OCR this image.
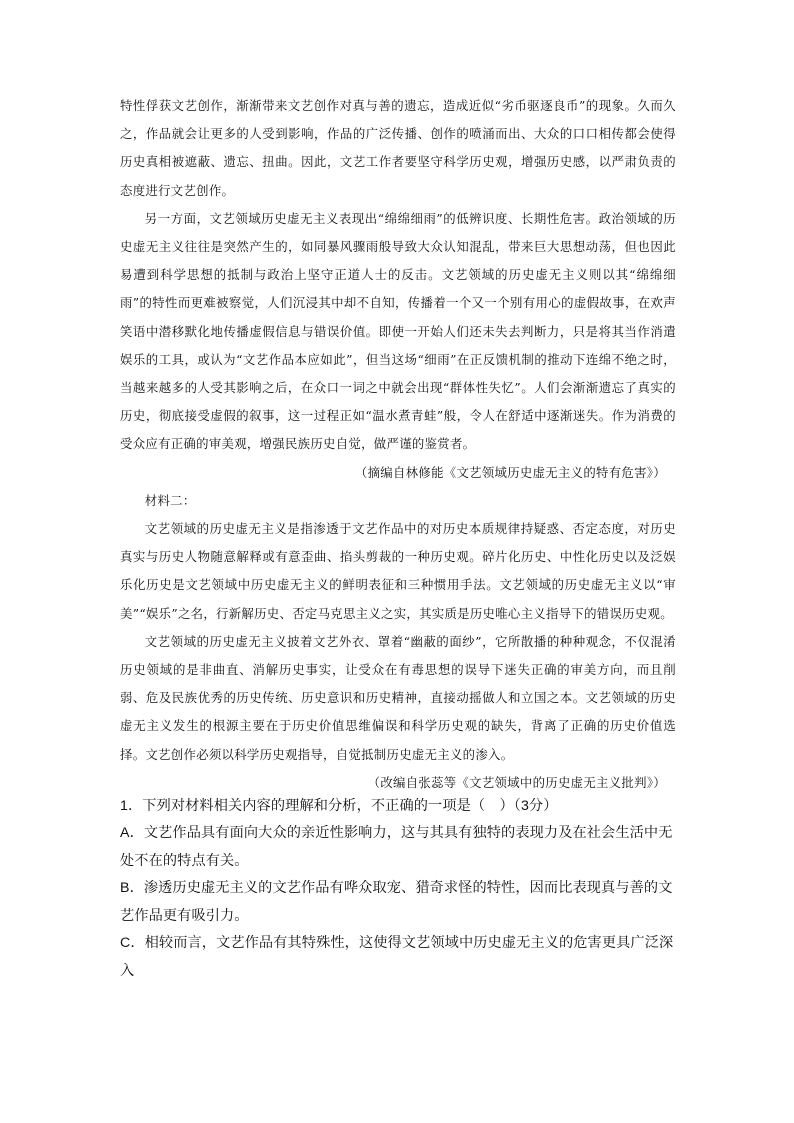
特性俘获文艺创作，渐渐带来文艺创作对真与善的遗忘，造成近似“劣币驱逐良币”的现象。久而久之，作品就会让更多的人受到影响，作品的广泛传播、创作的喷涌而出、大众的口口相传都会使得历史真相被遮蔽、遗忘、扭曲。因此，文艺工作者要坚守科学历史观，增强历史感，以严肃负责的态度进行文艺创作。

另一方面，文艺领域历史虚无主义表现出“绵绵细雨”的低辨识度、长期性危害。政治领域的历史虚无主义往往是突然产生的，如同暴风骤雨般导致大众认知混乱，带来巨大思想动荡，但也因此易遭到科学思想的抵制与政治上坚守正道人士的反击。文艺领域的历史虚无主义则以其“绵绵细雨”的特性而更难被察觉，人们沉浸其中却不自知，传播着一个又一个别有用心的虚假故事，在欢声笑语中潜移默化地传播虚假信息与错误价值。即使一开始人们还未失去判断力，只是将其当作消遣娱乐的工具，或认为“文艺作品本应如此”，但当这场“细雨”在正反馈机制的推动下连绵不绝之时，当越来越多的人受其影响之后，在众口一词之中就会出现“群体性失忆”。人们会渐渐遗忘了真实的历史，彻底接受虚假的叙事，这一过程正如“温水煮青蛙”般，令人在舒适中逐渐迷失。作为消费的受众应有正确的审美观，增强民族历史自觉，做严谨的鉴赏者。

（摘编自林修能《文艺领域历史虚无主义的特有危害》）

材料二：

文艺领域的历史虚无主义是指渗透于文艺作品中的对历史本质规律持疑惑、否定态度，对历史真实与历史人物随意解释或有意歪曲、掐头剪裁的一种历史观。碎片化历史、中性化历史以及泛娱乐化历史是文艺领域中历史虚无主义的鲜明表征和三种惯用手法。文艺领域的历史虚无主义以“审美”“娱乐”之名，行新解历史、否定马克思主义之实，其实质是历史唯心主义指导下的错误历史观。

文艺领域的历史虚无主义披着文艺外衣、罩着“幽蔽的面纱”，它所散播的种种观念，不仅混淆历史领域的是非曲直、消解历史事实，让受众在有毒思想的误导下迷失正确的审美方向，而且削弱、危及民族优秀的历史传统、历史意识和历史精神，直接动摇做人和立国之本。文艺领域的历史虚无主义发生的根源主要在于历史价值思维偏误和科学历史观的缺失，背离了正确的历史价值选择。文艺创作必须以科学历史观指导，自觉抵制历史虚无主义的渗入。

（改编自张蕊等《文艺领域中的历史虚无主义批判》）

1．下列对材料相关内容的理解和分析，不正确的一项是（　）（3分）

A．文艺作品具有面向大众的亲近性影响力，这与其具有独特的表现力及在社会生活中无处不在的特点有关。

B．渗透历史虚无主义的文艺作品有哗众取宠、猎奇求怪的特性，因而比表现真与善的文艺作品更有吸引力。

C．相较而言，文艺作品有其特殊性，这使得文艺领域中历史虚无主义的危害更具广泛深入
